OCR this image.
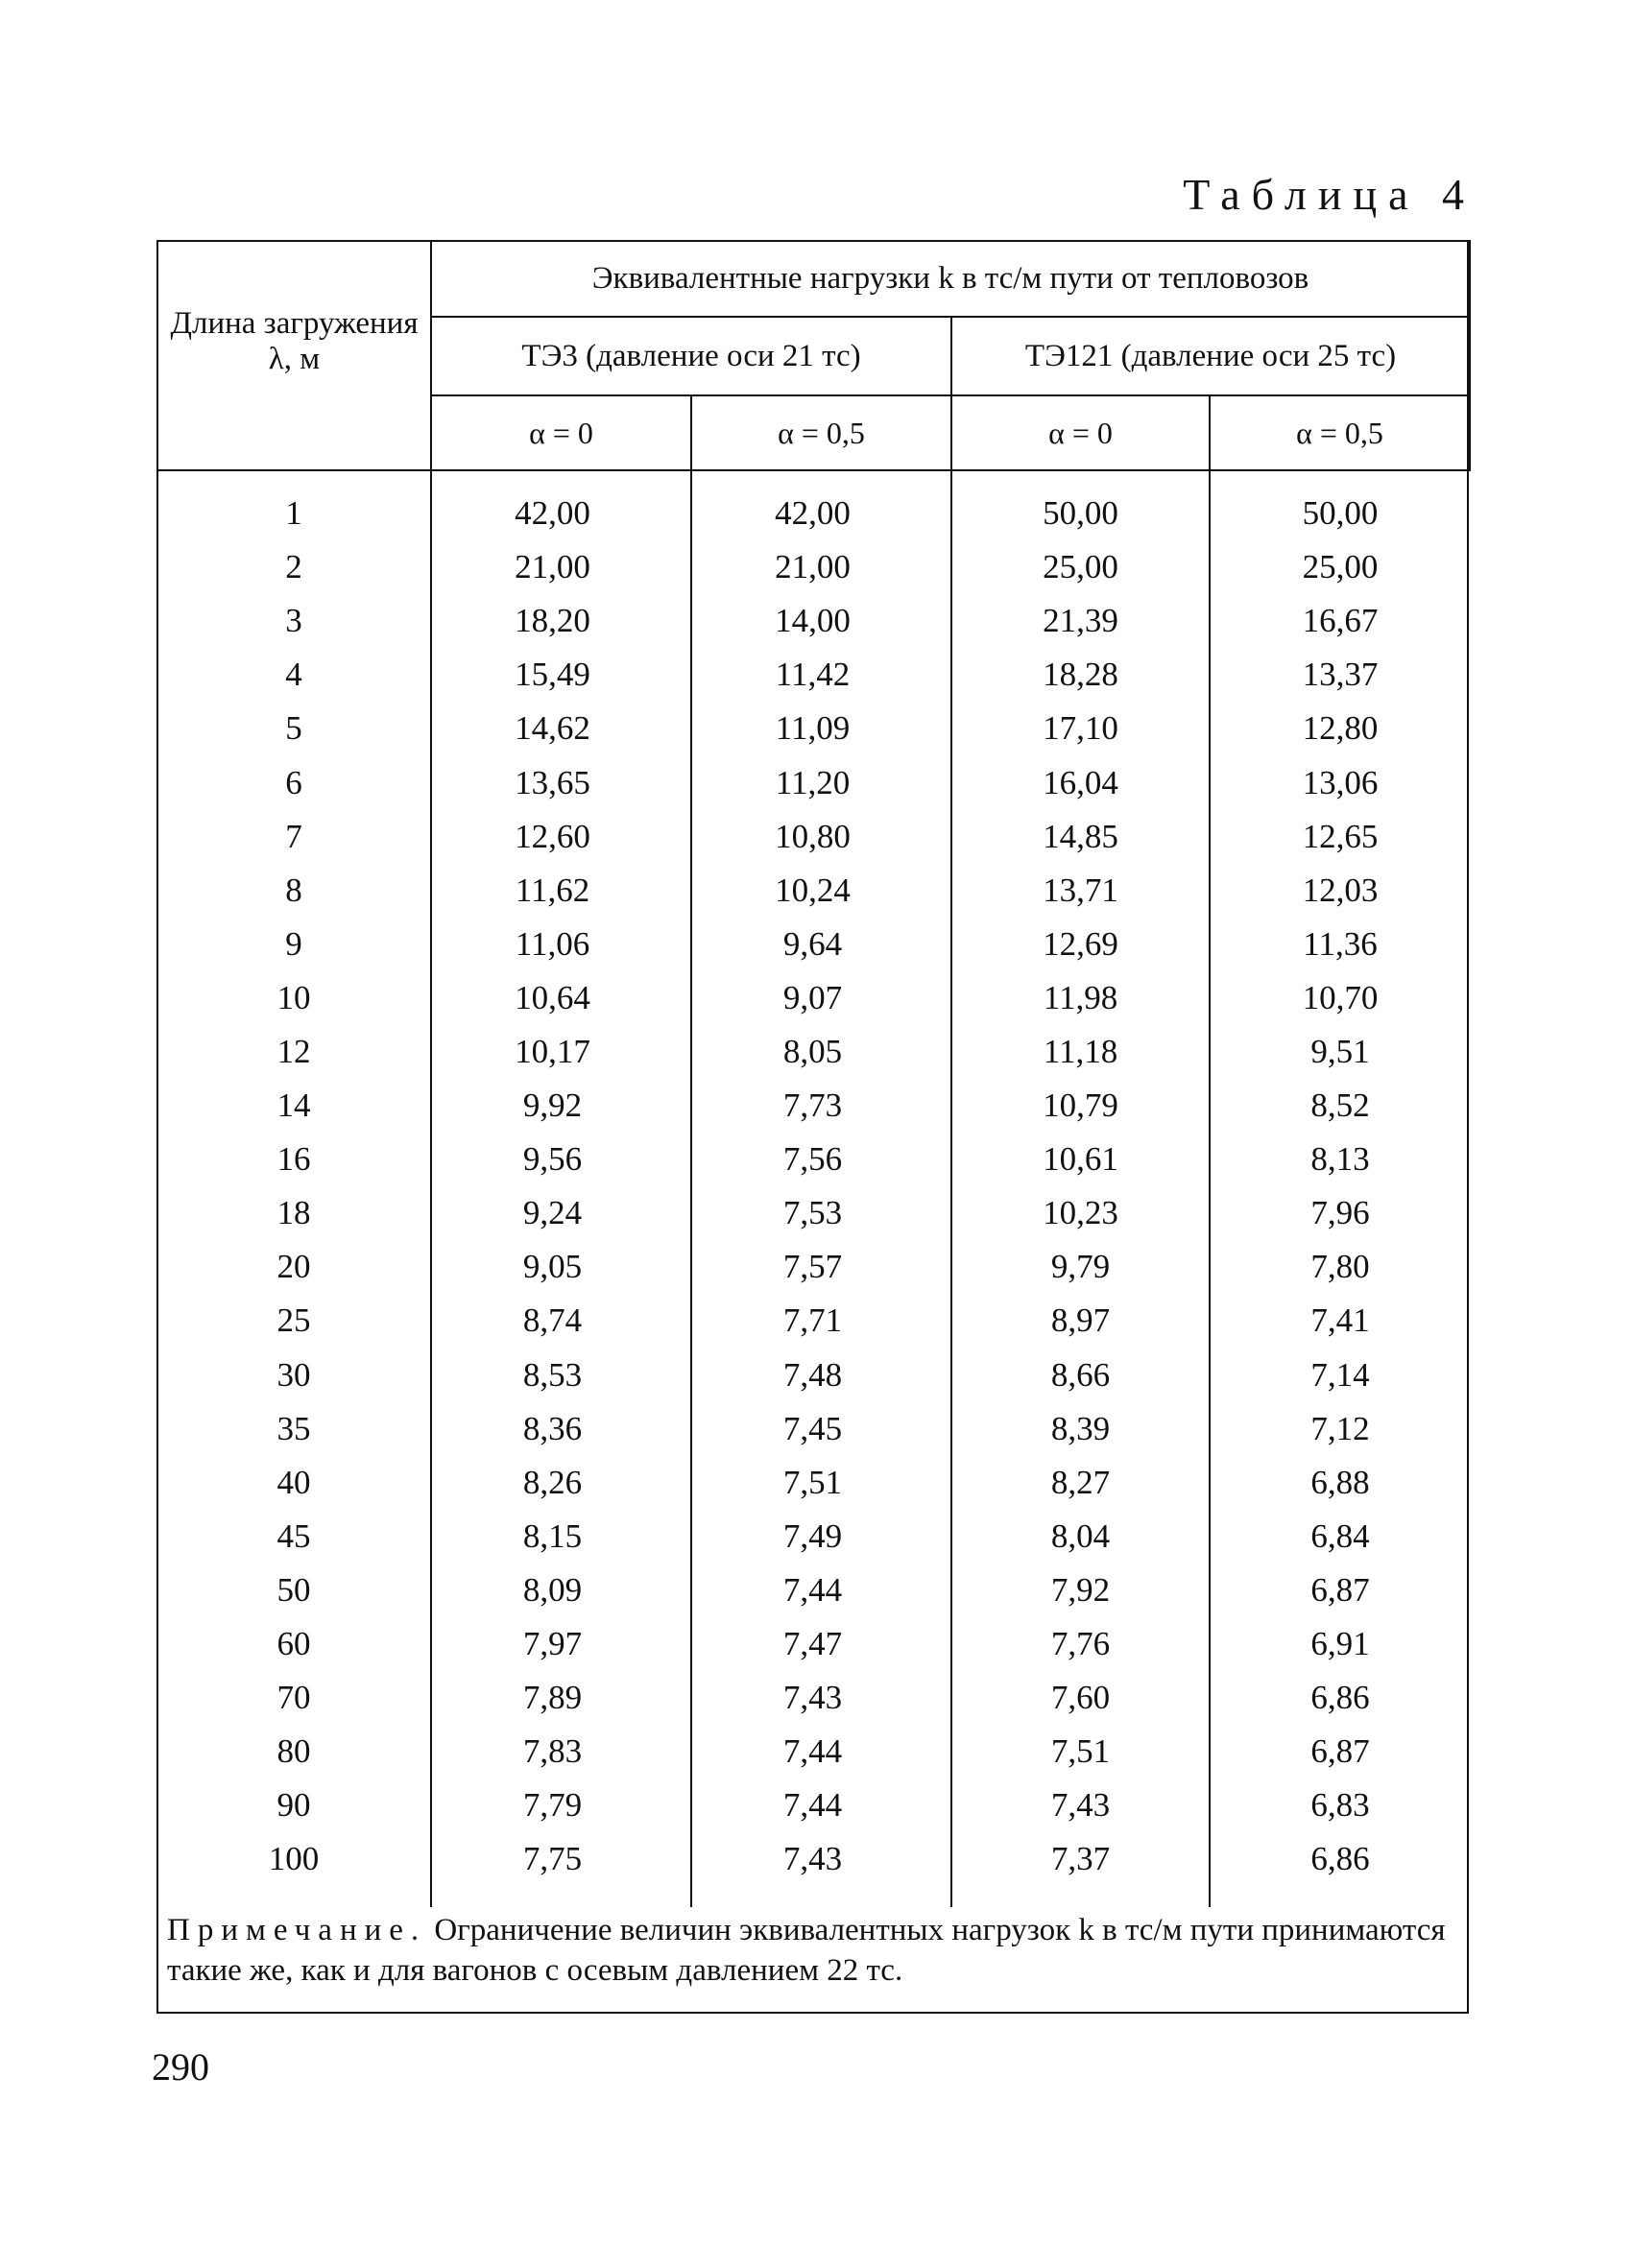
Таблица 4
Длина загружения λ, м	Эквивалентные нагрузки k в тс/м пути от тепловозов			
	ТЭ3 (давление оси 21 тс)		ТЭ121 (давление оси 25 тс)	
	α = 0	α = 0,5	α = 0	α = 0,5

1	42,00	42,00	50,00	50,00
2	21,00	21,00	25,00	25,00
3	18,20	14,00	21,39	16,67
4	15,49	11,42	18,28	13,37
5	14,62	11,09	17,10	12,80
6	13,65	11,20	16,04	13,06
7	12,60	10,80	14,85	12,65
8	11,62	10,24	13,71	12,03
9	11,06	9,64	12,69	11,36
10	10,64	9,07	11,98	10,70
12	10,17	8,05	11,18	9,51
14	9,92	7,73	10,79	8,52
16	9,56	7,56	10,61	8,13
18	9,24	7,53	10,23	7,96
20	9,05	7,57	9,79	7,80
25	8,74	7,71	8,97	7,41
30	8,53	7,48	8,66	7,14
35	8,36	7,45	8,39	7,12
40	8,26	7,51	8,27	6,88
45	8,15	7,49	8,04	6,84
50	8,09	7,44	7,92	6,87
60	7,97	7,47	7,76	6,91
70	7,89	7,43	7,60	6,86
80	7,83	7,44	7,51	6,87
90	7,79	7,44	7,43	6,83
100	7,75	7,43	7,37	6,86

Примечание. Ограничение величин эквивалентных нагрузок k в тс/м пути принимаются такие же, как и для вагонов с осевым давлением 22 тс.
290
